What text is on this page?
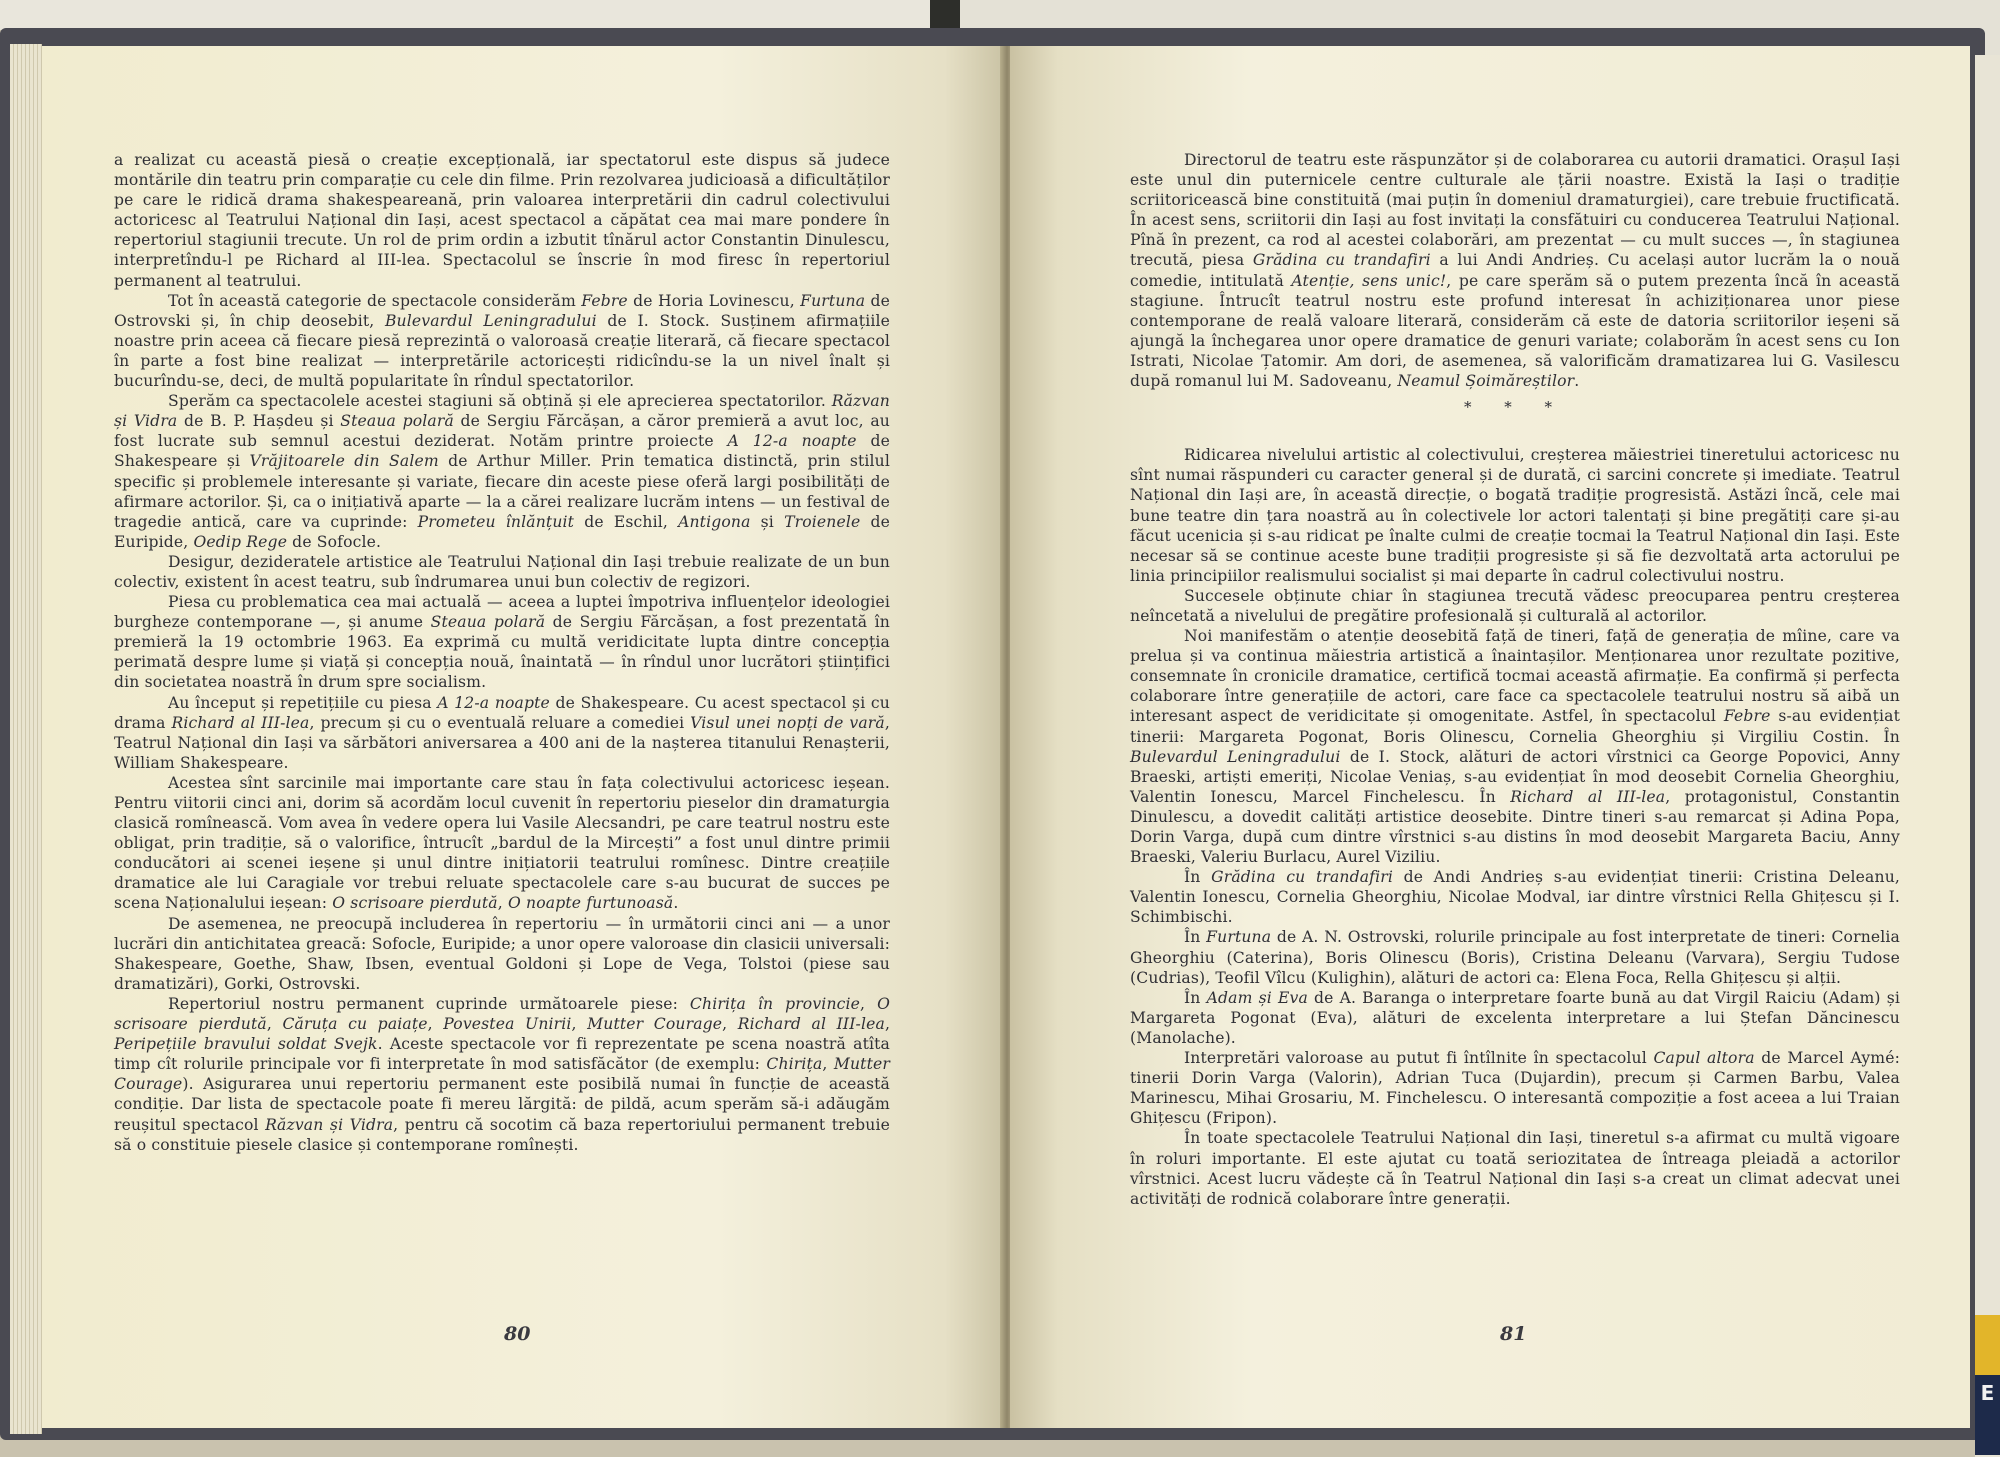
E

a realizat cu această piesă o creație excepțională, iar spectatorul este dispus să judece montările din teatru prin comparație cu cele din filme. Prin rezolvarea judicioasă a dificultăților pe care le ridică drama shakespeareană, prin valoarea interpretării din cadrul colectivului actoricesc al Teatrului Național din Iași, acest spectacol a căpătat cea mai mare pondere în repertoriul stagiunii trecute. Un rol de prim ordin a izbutit tînărul actor Constantin Dinulescu, interpretîndu-l pe Richard al III-lea. Spectacolul se înscrie în mod firesc în repertoriul permanent al teatrului.

Tot în această categorie de spectacole considerăm Febre de Horia Lovinescu, Furtuna de Ostrovski și, în chip deosebit, Bulevardul Leningradului de I. Stock. Susținem afirmațiile noastre prin aceea că fiecare piesă reprezintă o valoroasă creație literară, că fiecare spectacol în parte a fost bine realizat — interpretările actoricești ridicîndu-se la un nivel înalt și bucurîndu-se, deci, de multă popularitate în rîndul spectatorilor.

Sperăm ca spectacolele acestei stagiuni să obțină și ele aprecierea spectatorilor. Răzvan și Vidra de B. P. Hașdeu și Steaua polară de Sergiu Fărcășan, a căror premieră a avut loc, au fost lucrate sub semnul acestui deziderat. Notăm printre proiecte A 12-a noapte de Shakespeare și Vrăjitoarele din Salem de Arthur Miller. Prin tematica distinctă, prin stilul specific și problemele interesante și variate, fiecare din aceste piese oferă largi posibilități de afirmare actorilor. Și, ca o inițiativă aparte — la a cărei realizare lucrăm intens — un festival de tragedie antică, care va cuprinde: Prometeu înlănțuit de Eschil, Antigona și Troienele de Euripide, Oedip Rege de Sofocle.

Desigur, dezideratele artistice ale Teatrului Național din Iași trebuie realizate de un bun colectiv, existent în acest teatru, sub îndrumarea unui bun colectiv de regizori.

Piesa cu problematica cea mai actuală — aceea a luptei împotriva influențelor ideologiei burgheze contemporane —, și anume Steaua polară de Sergiu Fărcășan, a fost prezentată în premieră la 19 octombrie 1963. Ea exprimă cu multă veridicitate lupta dintre concepția perimată despre lume și viață și concepția nouă, înaintată — în rîndul unor lucrători științifici din societatea noastră în drum spre socialism.

Au început și repetițiile cu piesa A 12-a noapte de Shakespeare. Cu acest spectacol și cu drama Richard al III-lea, precum și cu o eventuală reluare a comediei Visul unei nopți de vară, Teatrul Național din Iași va sărbători aniversarea a 400 ani de la nașterea titanului Renașterii, William Shakespeare.

Acestea sînt sarcinile mai importante care stau în fața colectivului actoricesc ieșean. Pentru viitorii cinci ani, dorim să acordăm locul cuvenit în repertoriu pieselor din dramaturgia clasică romînească. Vom avea în vedere opera lui Vasile Alecsandri, pe care teatrul nostru este obligat, prin tradiție, să o valorifice, întrucît „bardul de la Mircești” a fost unul dintre primii conducători ai scenei ieșene și unul dintre inițiatorii teatrului romînesc. Dintre creațiile dramatice ale lui Caragiale vor trebui reluate spectacolele care s-au bucurat de succes pe scena Naționalului ieșean: O scrisoare pierdută, O noapte furtunoasă.

De asemenea, ne preocupă includerea în repertoriu — în următorii cinci ani — a unor lucrări din antichitatea greacă: Sofocle, Euripide; a unor opere valoroase din clasicii universali: Shakespeare, Goethe, Shaw, Ibsen, eventual Goldoni și Lope de Vega, Tolstoi (piese sau dramatizări), Gorki, Ostrovski.

Repertoriul nostru permanent cuprinde următoarele piese: Chirița în provincie, O scrisoare pierdută, Căruța cu paiațe, Povestea Unirii, Mutter Courage, Richard al III-lea, Peripețiile bravului soldat Svejk. Aceste spectacole vor fi reprezentate pe scena noastră atîta timp cît rolurile principale vor fi interpretate în mod satisfăcător (de exemplu: Chirița, Mutter Courage). Asigurarea unui repertoriu permanent este posibilă numai în funcție de această condiție. Dar lista de spectacole poate fi mereu lărgită: de pildă, acum sperăm să-i adăugăm reușitul spectacol Răzvan și Vidra, pentru că socotim că baza repertoriului permanent trebuie să o constituie piesele clasice și contemporane romînești.

80

Directorul de teatru este răspunzător și de colaborarea cu autorii dramatici. Orașul Iași este unul din puternicele centre culturale ale țării noastre. Există la Iași o tradiție scriitoricească bine constituită (mai puțin în domeniul dramaturgiei), care trebuie fructificată. În acest sens, scriitorii din Iași au fost invitați la consfătuiri cu conducerea Teatrului Național. Pînă în prezent, ca rod al acestei colaborări, am prezentat — cu mult succes —, în stagiunea trecută, piesa Grădina cu trandafiri a lui Andi Andrieș. Cu același autor lucrăm la o nouă comedie, intitulată Atenție, sens unic!, pe care sperăm să o putem prezenta încă în această stagiune. Întrucît teatrul nostru este profund interesat în achiziționarea unor piese contemporane de reală valoare literară, considerăm că este de datoria scriitorilor ieșeni să ajungă la închegarea unor opere dramatice de genuri variate; colaborăm în acest sens cu Ion Istrati, Nicolae Țatomir. Am dori, de asemenea, să valorificăm dramatizarea lui G. Vasilescu după romanul lui M. Sadoveanu, Neamul Șoimăreștilor.

* * *

Ridicarea nivelului artistic al colectivului, creșterea măiestriei tineretului actoricesc nu sînt numai răspunderi cu caracter general și de durată, ci sarcini concrete și imediate. Teatrul Național din Iași are, în această direcție, o bogată tradiție progresistă. Astăzi încă, cele mai bune teatre din țara noastră au în colectivele lor actori talentați și bine pregătiți care și-au făcut ucenicia și s-au ridicat pe înalte culmi de creație tocmai la Teatrul Național din Iași. Este necesar să se continue aceste bune tradiții progresiste și să fie dezvoltată arta actorului pe linia principiilor realismului socialist și mai departe în cadrul colectivului nostru.

Succesele obținute chiar în stagiunea trecută vădesc preocuparea pentru creșterea neîncetată a nivelului de pregătire profesională și culturală al actorilor.

Noi manifestăm o atenție deosebită față de tineri, față de generația de mîine, care va prelua și va continua măiestria artistică a înaintașilor. Menționarea unor rezultate pozitive, consemnate în cronicile dramatice, certifică tocmai această afirmație. Ea confirmă și perfecta colaborare între generațiile de actori, care face ca spectacolele teatrului nostru să aibă un interesant aspect de veridicitate și omogenitate. Astfel, în spectacolul Febre s-au evidențiat tinerii: Margareta Pogonat, Boris Olinescu, Cornelia Gheorghiu și Virgiliu Costin. În Bulevardul Leningradului de I. Stock, alături de actori vîrstnici ca George Popovici, Anny Braeski, artiști emeriți, Nicolae Veniaș, s-au evidențiat în mod deosebit Cornelia Gheorghiu, Valentin Ionescu, Marcel Finchelescu. În Richard al III-lea, protagonistul, Constantin Dinulescu, a dovedit calități artistice deosebite. Dintre tineri s-au remarcat și Adina Popa, Dorin Varga, după cum dintre vîrstnici s-au distins în mod deosebit Margareta Baciu, Anny Braeski, Valeriu Burlacu, Aurel Viziliu.

În Grădina cu trandafiri de Andi Andrieș s-au evidențiat tinerii: Cristina Deleanu, Valentin Ionescu, Cornelia Gheorghiu, Nicolae Modval, iar dintre vîrstnici Rella Ghițescu și I. Schimbischi.

În Furtuna de A. N. Ostrovski, rolurile principale au fost interpretate de tineri: Cornelia Gheorghiu (Caterina), Boris Olinescu (Boris), Cristina Deleanu (Varvara), Sergiu Tudose (Cudrias), Teofil Vîlcu (Kulighin), alături de actori ca: Elena Foca, Rella Ghițescu și alții.

În Adam și Eva de A. Baranga o interpretare foarte bună au dat Virgil Raiciu (Adam) și Margareta Pogonat (Eva), alături de excelenta interpretare a lui Ștefan Dăncinescu (Manolache).

Interpretări valoroase au putut fi întîlnite în spectacolul Capul altora de Marcel Aymé: tinerii Dorin Varga (Valorin), Adrian Tuca (Dujardin), precum și Carmen Barbu, Valea Marinescu, Mihai Grosariu, M. Finchelescu. O interesantă compoziție a fost aceea a lui Traian Ghițescu (Fripon).

În toate spectacolele Teatrului Național din Iași, tineretul s-a afirmat cu multă vigoare în roluri importante. El este ajutat cu toată seriozitatea de întreaga pleiadă a actorilor vîrstnici. Acest lucru vădește că în Teatrul Național din Iași s-a creat un climat adecvat unei activități de rodnică colaborare între generații.

81
